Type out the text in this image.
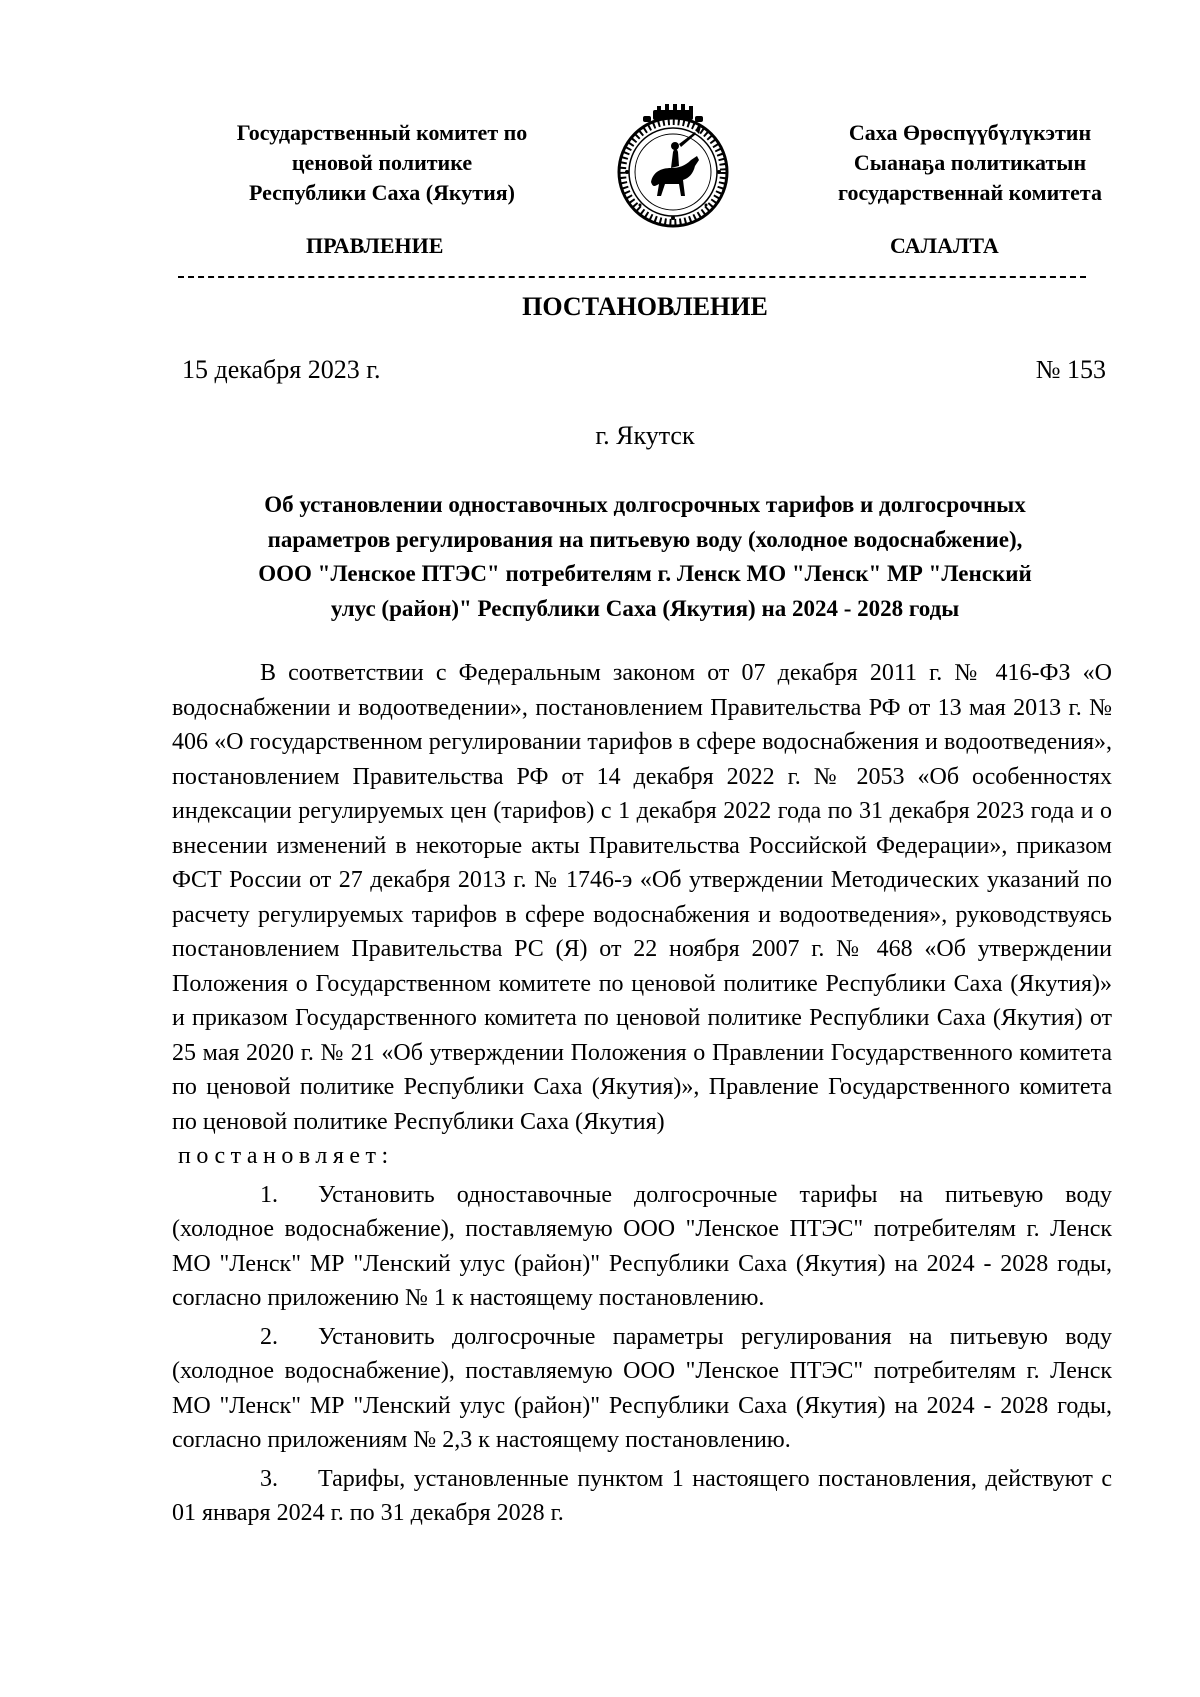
Государственный комитет по
ценовой политике
Республики Саха (Якутия)
Саха Өрөспүүбүлүкэтин
Сыанаҕа политикатын
государственнай комитета
ПРАВЛЕНИЕ	САЛАЛТА
ПОСТАНОВЛЕНИЕ
15 декабря 2023 г.	№ 153
г. Якутск
Об установлении одноставочных долгосрочных тарифов и долгосрочных
параметров регулирования на питьевую воду (холодное водоснабжение),
ООО "Ленское ПТЭС" потребителям г. Ленск МО "Ленск" МР "Ленский
улус (район)" Республики Саха (Якутия) на 2024 - 2028 годы

В соответствии с Федеральным законом от 07 декабря 2011 г. № 416-ФЗ «О водоснабжении и водоотведении», постановлением Правительства РФ от 13 мая 2013 г. № 406 «О государственном регулировании тарифов в сфере водоснабжения и водоотведения», постановлением Правительства РФ от 14 декабря 2022 г. № 2053 «Об особенностях индексации регулируемых цен (тарифов) с 1 декабря 2022 года по 31 декабря 2023 года и о внесении изменений в некоторые акты Правительства Российской Федерации», приказом ФСТ России от 27 декабря 2013 г. № 1746-э «Об утверждении Методических указаний по расчету регулируемых тарифов в сфере водоснабжения и водоотведения», руководствуясь постановлением Правительства РС (Я) от 22 ноября 2007 г. № 468 «Об утверждении Положения о Государственном комитете по ценовой политике Республики Саха (Якутия)» и приказом Государственного комитета по ценовой политике Республики Саха (Якутия) от 25 мая 2020 г. № 21 «Об утверждении Положения о Правлении Государственного комитета по ценовой политике Республики Саха (Якутия)», Правление Государственного комитета по ценовой политике Республики Саха (Якутия)

постановляет:

1. Установить одноставочные долгосрочные тарифы на питьевую воду (холодное водоснабжение), поставляемую ООО "Ленское ПТЭС" потребителям г. Ленск МО "Ленск" МР "Ленский улус (район)" Республики Саха (Якутия) на 2024 - 2028 годы, согласно приложению № 1 к настоящему постановлению.

2. Установить долгосрочные параметры регулирования на питьевую воду (холодное водоснабжение), поставляемую ООО "Ленское ПТЭС" потребителям г. Ленск МО "Ленск" МР "Ленский улус (район)" Республики Саха (Якутия) на 2024 - 2028 годы, согласно приложениям № 2,3 к настоящему постановлению.

3. Тарифы, установленные пунктом 1 настоящего постановления, действуют с 01 января 2024 г. по 31 декабря 2028 г.
